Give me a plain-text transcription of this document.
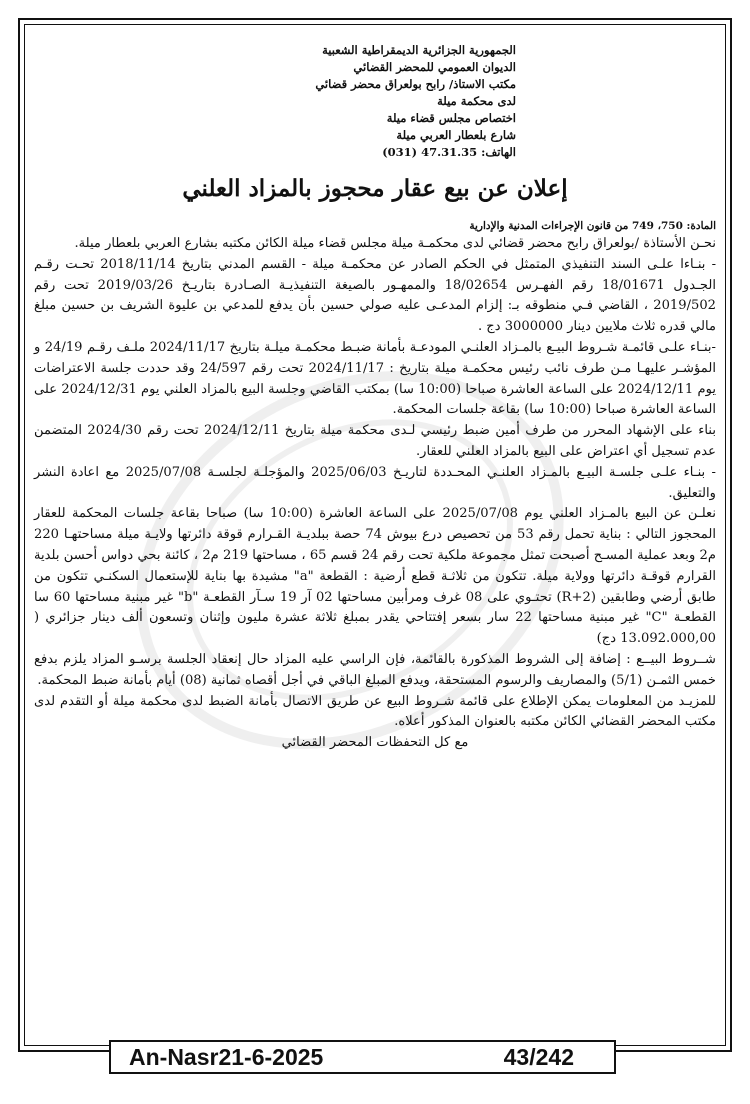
الجمهورية الجزائرية الديمقراطية الشعبية
الديوان العمومي للمحضر القضائي
مكتب الاستاذ/ رابح بولعراق محضر قضائي
لدى محكمة ميلة
اختصاص مجلس قضاء ميلة
شارع بلعطار العربي ميلة
الهاتف: 47.31.35 (031)
إعلان عن بيع عقار محجوز بالمزاد العلني
المادة: 750، 749 من قانون الإجراءات المدنية والإدارية

نحـن الأستاذة /بولعراق رابح محضر قضائي لدى محكمـة ميلة مجلس قضاء ميلة الكائن مكتبه بشارع العربي بلعطار ميلة.

- بنـاءا علـى السند التنفيذي المتمثل في الحكم الصادر عن محكمـة ميلة - القسم المدني بتاريخ 2018/11/14 تحـت رقـم الجـدول 18/01671 رقم الفهـرس 18/02654 والممهـور بالصيغة التنفيذيـة الصـادرة بتاريـخ 2019/03/26 تحت رقم 2019/502 ، القاضي فـي منطوقه بـ: إلزام المدعـى عليه صولي حسين بأن يدفع للمدعي بن عليوة الشريف بن حسين مبلغ مالي قدره ثلاث ملايين دينار 3000000 دج .

-بنـاء علـى قائمـة شـروط البيـع بالمـزاد العلنـي المودعـة بأمانة ضبـط محكمـة ميلـة بتاريخ 2024/11/17 ملـف رقـم 24/19 و المؤشـر عليهـا مـن طرف نائب رئيس محكمـة ميلة بتاريخ : 2024/11/17 تحت رقم 24/597 وقد حددت جلسة الاعتراضات يوم 2024/12/11 على الساعة العاشرة صباحا (10:00 سا) بمكتب القاضي وجلسة البيع بالمزاد العلني يوم 2024/12/31 على الساعة العاشرة صباحا (10:00 سا) بقاعة جلسات المحكمة.

بناء على الإشهاد المحرر من طرف أمين ضبط رئيسي لـدى محكمة ميلة بتاريخ 2024/12/11 تحت رقم 2024/30 المتضمن عدم تسجيل أي اعتراض على البيع بالمزاد العلني للعقار.

- بنـاء علـى جلسـة البيـع بالمـزاد العلنـي المحـددة لتاريـخ 2025/06/03 والمؤجلـة لجلسـة 2025/07/08 مع اعادة النشر والتعليق.

نعلـن عن البيع بالمـزاد العلني يوم 2025/07/08 على الساعة العاشرة (10:00 سا) صباحا بقاعة جلسات المحكمة للعقار المحجوز التالي : بناية تحمل رقم 53 من تحصيص درع بيوش 74 حصة ببلديـة القـرارم قوقة دائرتها ولايـة ميلة مساحتهـا 220 م2 وبعد عملية المسـح أصبحت تمثل مجموعة ملكية تحت رقم 24 قسم 65 ، مساحتها 219 م2 ، كائنة بحي دواس أحسن بلدية القرارم قوقـة دائرتها وولاية ميلة. تتكون من ثلاثـة قطع أرضية : القطعة "a" مشيدة بها بناية للإستعمال السكنـي تتكون من طابق أرضي وطابقين (R+2) تحتـوي على 08 غرف ومرأبين مساحتها 02 آر 19 سـآر القطعـة "b" غير مبنية مساحتها 60 سا القطعـة "C" غير مبنية مساحتها 22 سار بسعر إفتتاحي يقدر بمبلغ ثلاثة عشرة مليون وإثنان وتسعون ألف دينار جزائري ( 13.092.000,00 دج)

شــروط البيــع : إضافة إلى الشروط المذكورة بالقائمة، فإن الراسي عليه المزاد حال إنعقاد الجلسة برسـو المزاد يلزم بدفع خمس الثمـن (5/1) والمصاريف والرسوم المستحقة، ويدفع المبلغ الباقي في أجل أقصاه ثمانية (08) أيام بأمانة ضبط المحكمة.

للمزيـد من المعلومات يمكن الإطلاع على قائمة شـروط البيع عن طريق الاتصال بأمانة الضبط لدى محكمة ميلة أو التقدم لدى مكتب المحضر القضائي الكائن مكتبه بالعنوان المذكور أعلاه.

مع كل التحفظات المحضر القضائي

An-Nasr21-6-2025	43/242
